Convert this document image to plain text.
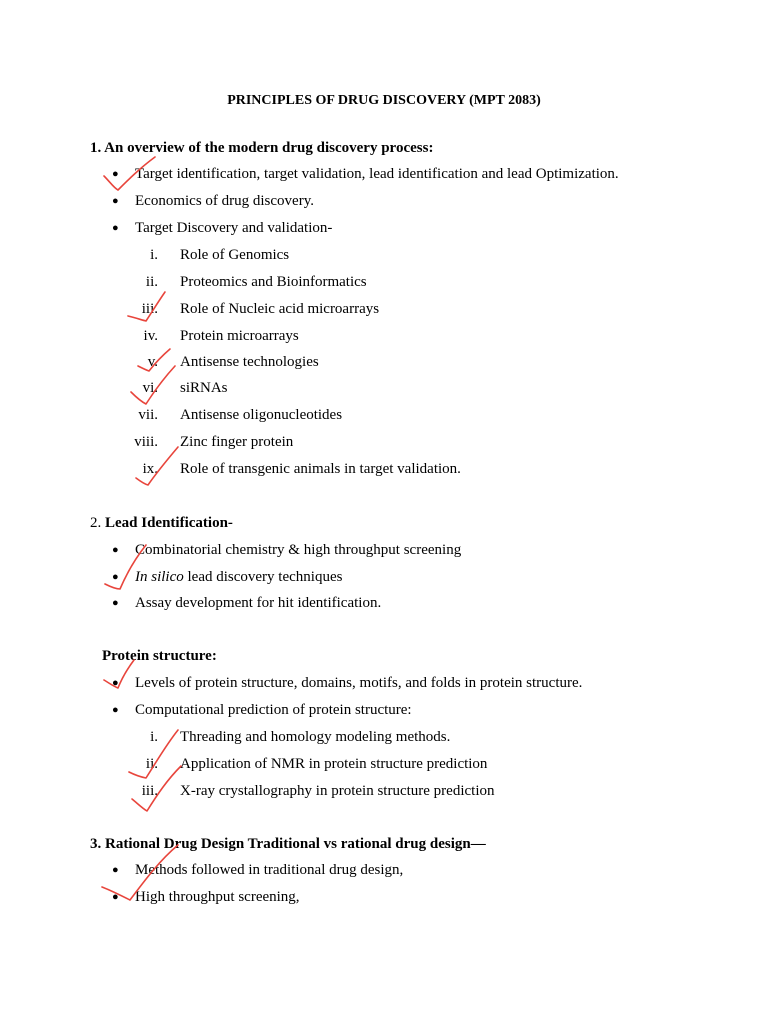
PRINCIPLES OF DRUG DISCOVERY (MPT 2083)
1. An overview of the modern drug discovery process:
● Target identification, target validation, lead identification and lead Optimization.
● Economics of drug discovery.
● Target Discovery and validation-
i. Role of Genomics
ii. Proteomics and Bioinformatics
iii. Role of Nucleic acid microarrays
iv. Protein microarrays
v. Antisense technologies
vi. siRNAs
vii. Antisense oligonucleotides
viii. Zinc finger protein
ix. Role of transgenic animals in target validation.
2. Lead Identification-
● Combinatorial chemistry & high throughput screening
● In silico lead discovery techniques
● Assay development for hit identification.
Protein structure:
● Levels of protein structure, domains, motifs, and folds in protein structure.
● Computational prediction of protein structure:
i. Threading and homology modeling methods.
ii. Application of NMR in protein structure prediction
iii. X-ray crystallography in protein structure prediction
3. Rational Drug Design Traditional vs rational drug design—
● Methods followed in traditional drug design,
● High throughput screening,
